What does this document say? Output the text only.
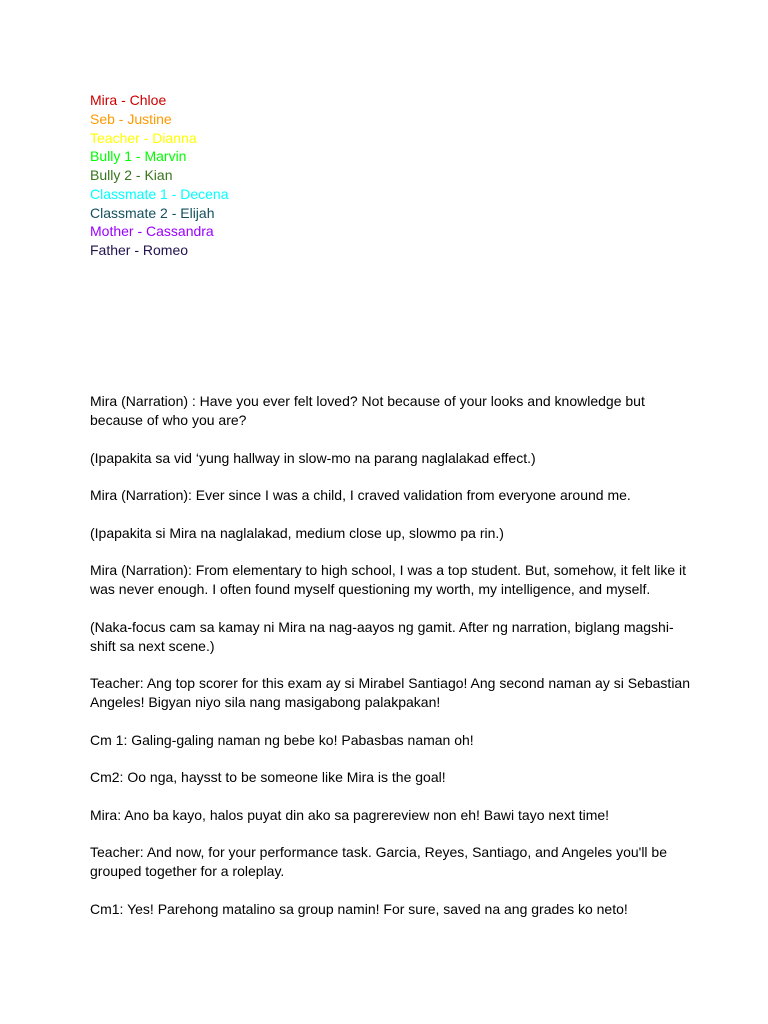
Mira - Chloe
Seb - Justine
Teacher - Dianna
Bully 1 - Marvin
Bully 2 - Kian
Classmate 1 - Decena
Classmate 2 - Elijah
Mother - Cassandra
Father - Romeo

Mira (Narration) : Have you ever felt loved? Not because of your looks and knowledge but because of who you are?

(Ipapakita sa vid ‘yung hallway in slow-mo na parang naglalakad effect.)

Mira (Narration): Ever since I was a child, I craved validation from everyone around me.

(Ipapakita si Mira na naglalakad, medium close up, slowmo pa rin.)

Mira (Narration): From elementary to high school, I was a top student. But, somehow, it felt like it was never enough. I often found myself questioning my worth, my intelligence, and myself.

(Naka-focus cam sa kamay ni Mira na nag-aayos ng gamit. After ng narration, biglang magshi-shift sa next scene.)

Teacher: Ang top scorer for this exam ay si Mirabel Santiago! Ang second naman ay si Sebastian Angeles! Bigyan niyo sila nang masigabong palakpakan!

Cm 1: Galing-galing naman ng bebe ko! Pabasbas naman oh!

Cm2: Oo nga, haysst to be someone like Mira is the goal!

Mira: Ano ba kayo, halos puyat din ako sa pagrereview non eh! Bawi tayo next time!

Teacher: And now, for your performance task. Garcia, Reyes, Santiago, and Angeles you'll be grouped together for a roleplay.

Cm1: Yes! Parehong matalino sa group namin! For sure, saved na ang grades ko neto!
